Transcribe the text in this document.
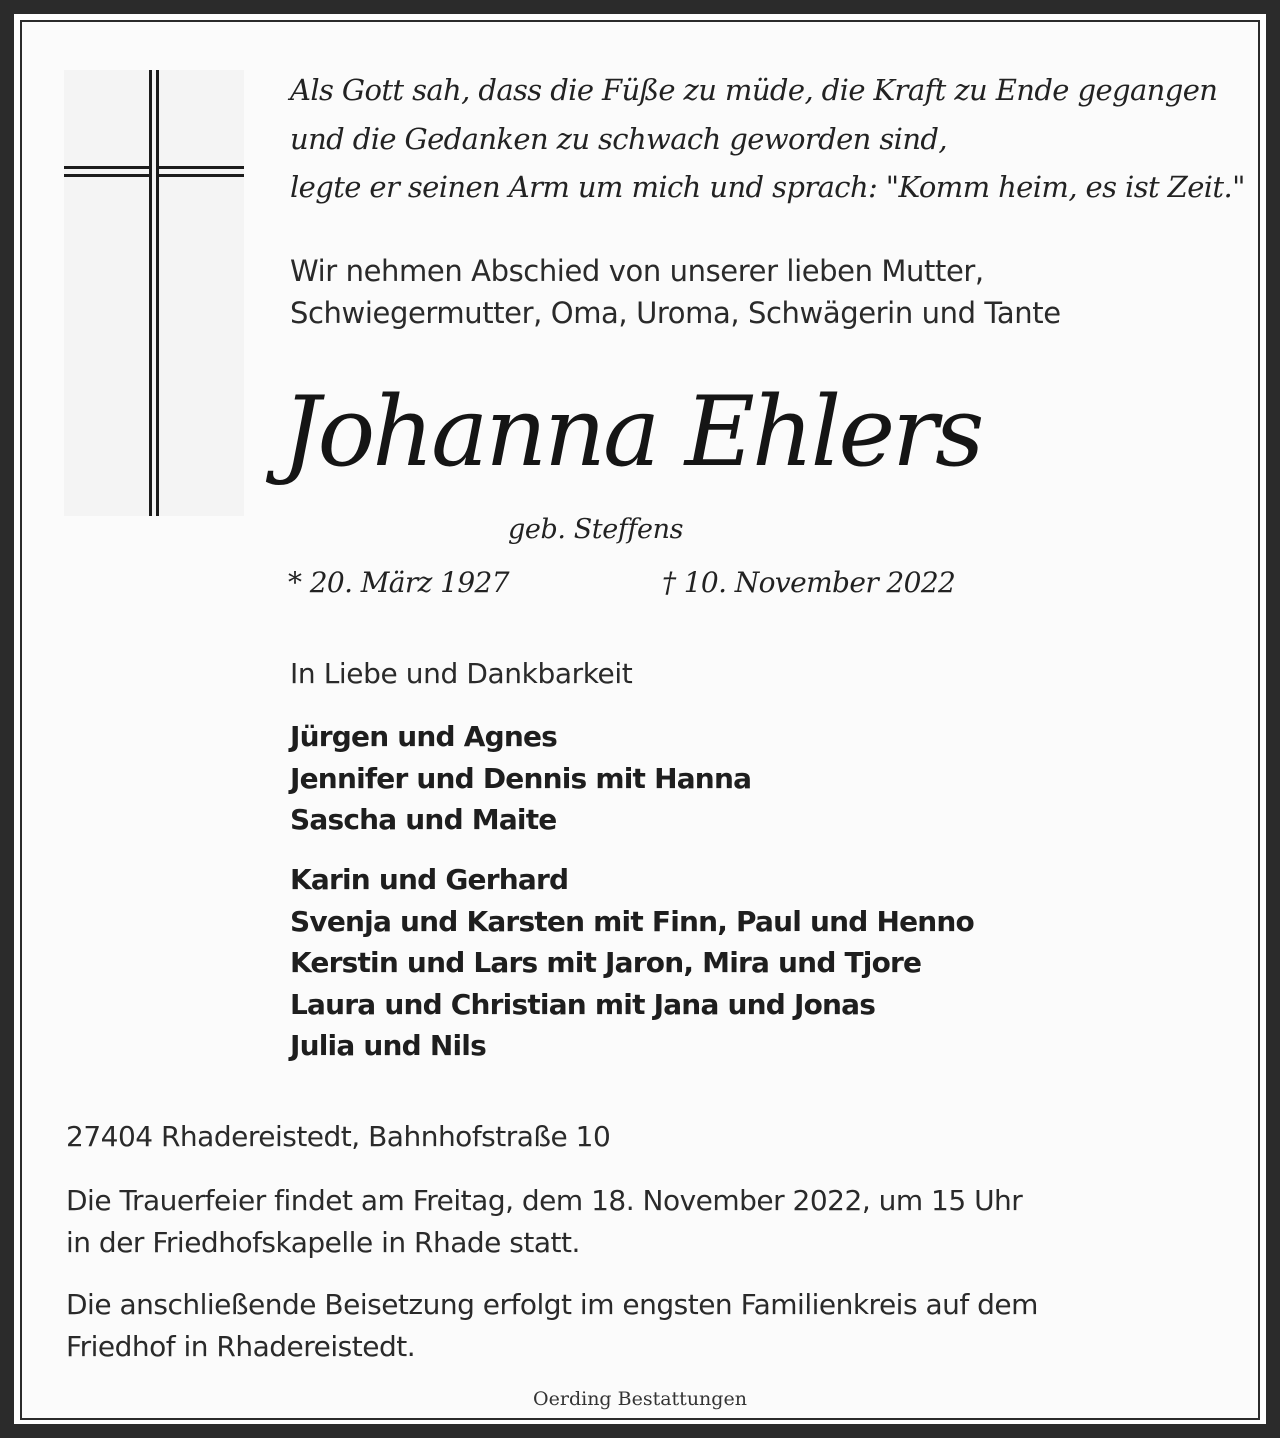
Als Gott sah, dass die Füße zu müde, die Kraft zu Ende gegangen
und die Gedanken zu schwach geworden sind,
legte er seinen Arm um mich und sprach: "Komm heim, es ist Zeit."
Wir nehmen Abschied von unserer lieben Mutter,
Schwiegermutter, Oma, Uroma, Schwägerin und Tante
Johanna Ehlers
geb. Steffens
* 20. März 1927	† 10. November 2022
In Liebe und Dankbarkeit
Jürgen und Agnes
Jennifer und Dennis mit Hanna
Sascha und Maite
Karin und Gerhard
Svenja und Karsten mit Finn, Paul und Henno
Kerstin und Lars mit Jaron, Mira und Tjore
Laura und Christian mit Jana und Jonas
Julia und Nils
27404 Rhadereistedt, Bahnhofstraße 10
Die Trauerfeier findet am Freitag, dem 18. November 2022, um 15 Uhr
in der Friedhofskapelle in Rhade statt.
Die anschließende Beisetzung erfolgt im engsten Familienkreis auf dem
Friedhof in Rhadereistedt.
Oerding Bestattungen
